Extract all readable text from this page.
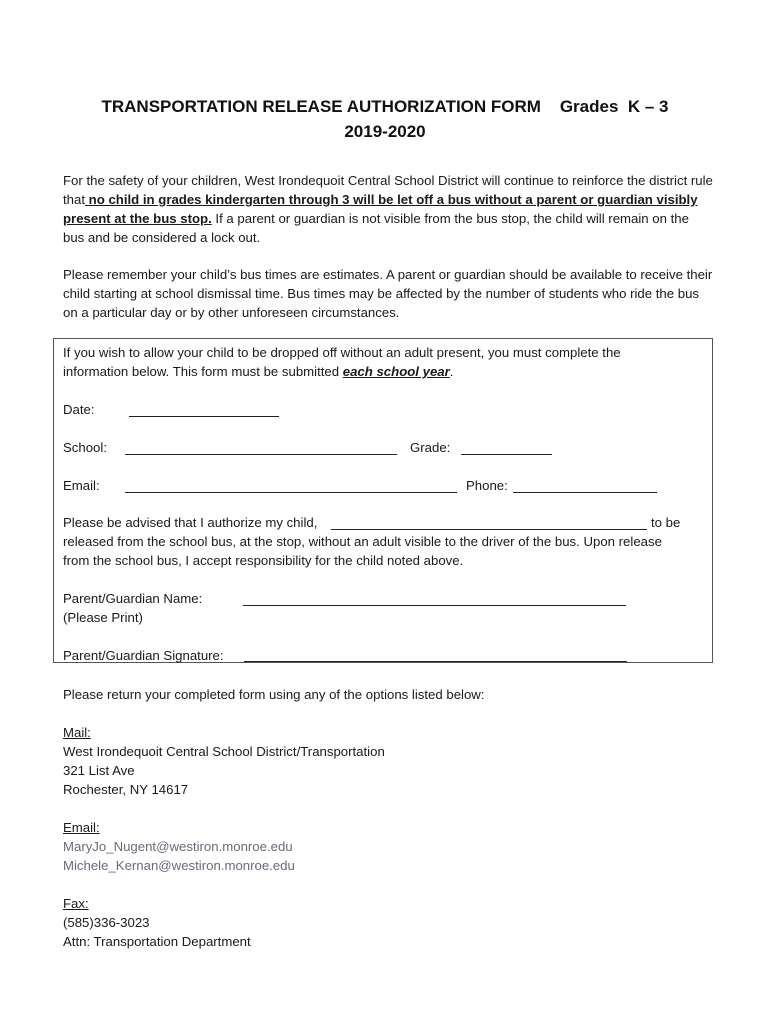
TRANSPORTATION RELEASE AUTHORIZATION FORM    Grades  K – 3
2019-2020

For the safety of your children, West Irondequoit Central School District will continue to reinforce the district rule that no child in grades kindergarten through 3 will be let off a bus without a parent or guardian visibly present at the bus stop. If a parent or guardian is not visible from the bus stop, the child will remain on the bus and be considered a lock out.

Please remember your child’s bus times are estimates. A parent or guardian should be available to receive their child starting at school dismissal time. Bus times may be affected by the number of students who ride the bus on a particular day or by other unforeseen circumstances.

If you wish to allow your child to be dropped off without an adult present, you must complete the
information below. This form must be submitted each school year.
Date:
School:	Grade:
Email:	Phone:
Please be advised that I authorize my child,	to be
released from the school bus, at the stop, without an adult visible to the driver of the bus. Upon release
from the school bus, I accept responsibility for the child noted above.
Parent/Guardian Name:
(Please Print)
Parent/Guardian Signature:
Please return your completed form using any of the options listed below:
Mail:
West Irondequoit Central School District/Transportation
321 List Ave
Rochester, NY 14617
Email:
MaryJo_Nugent@westiron.monroe.edu
Michele_Kernan@westiron.monroe.edu
Fax:
(585)336-3023
Attn: Transportation Department
